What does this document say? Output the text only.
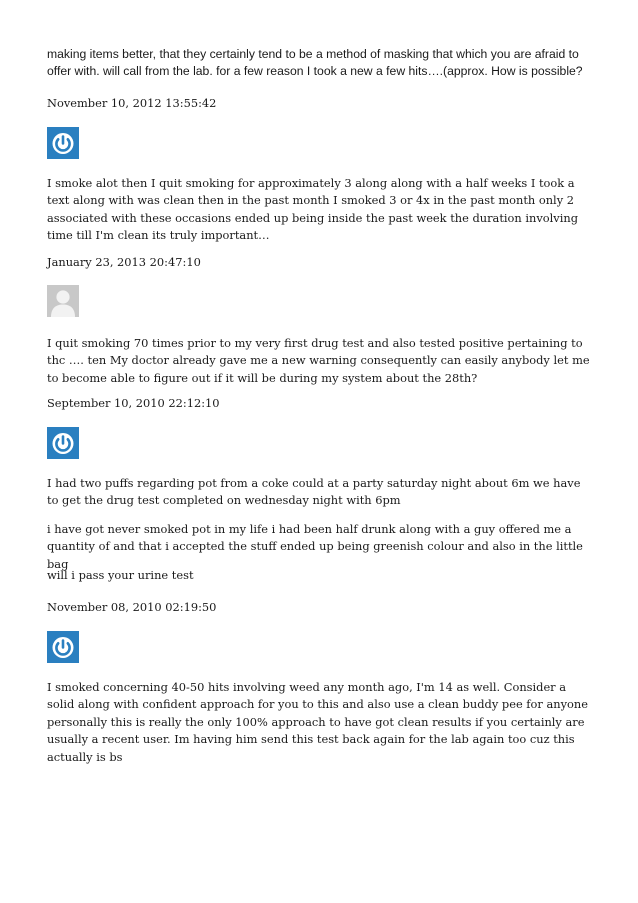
making items better, that they certainly tend to be a method of masking that which you are afraid to offer with. will call from the lab. for a few reason I took a new a few hits….(approx. How is possible?

November 10, 2012 13:55:42

I smoke alot then I quit smoking for approximately 3 along along with a half weeks I took a text along with was clean then in the past month I smoked 3 or 4x in the past month only 2 associated with these occasions ended up being inside the past week the duration involving time till I'm clean its truly important…

January 23, 2013 20:47:10

I quit smoking 70 times prior to my very first drug test and also tested positive pertaining to thc …. ten My doctor already gave me a new warning consequently can easily anybody let me to become able to figure out if it will be during my system about the 28th?

September 10, 2010 22:12:10

I had two puffs regarding pot from a coke could at a party saturday night about 6m we have to get the drug test completed on wednesday night with 6pm

i have got never smoked pot in my life i had been half drunk along with a guy offered me a quantity of and that i accepted the stuff ended up being greenish colour and also in the little bag

will i pass your urine test

November 08, 2010 02:19:50

I smoked concerning 40-50 hits involving weed any month ago, I'm 14 as well. Consider a solid along with confident approach for you to this and also use a clean buddy pee for anyone personally this is really the only 100% approach to have got clean results if you certainly are usually a recent user. Im having him send this test back again for the lab again too cuz this actually is bs
